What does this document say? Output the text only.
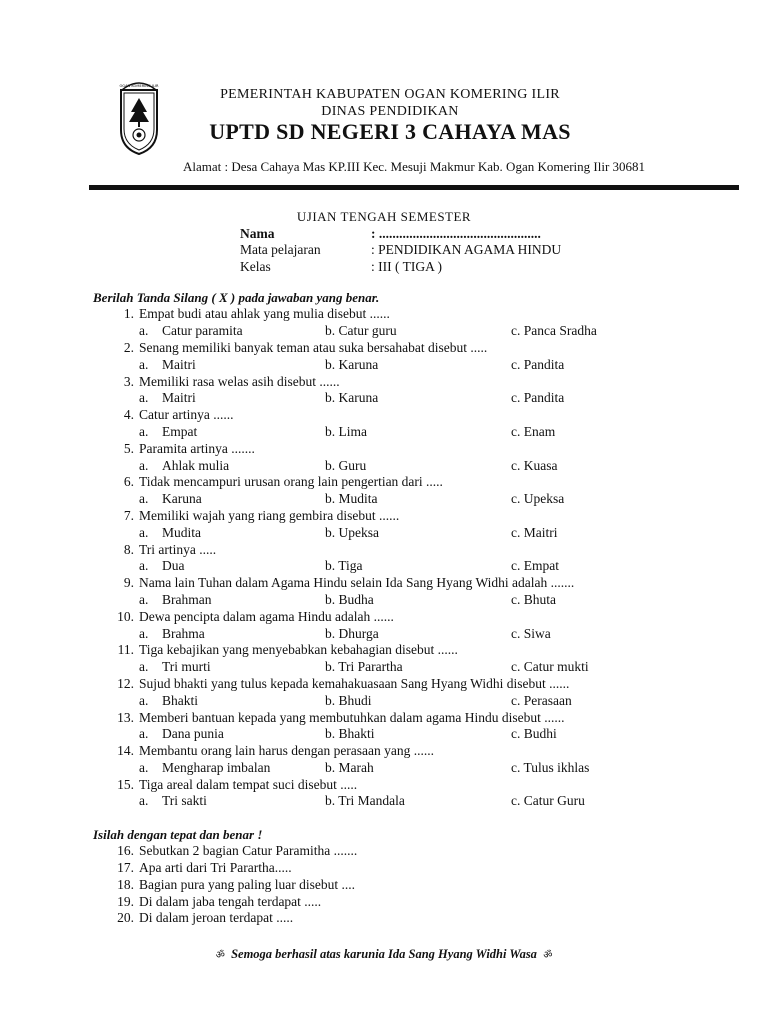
OGAN KOMERING ILIR
PEMERINTAH KABUPATEN OGAN KOMERING ILIR
DINAS PENDIDIKAN
UPTD SD NEGERI 3 CAHAYA MAS
Alamat : Desa Cahaya Mas KP.III Kec. Mesuji Makmur Kab. Ogan Komering Ilir 30681
UJIAN TENGAH SEMESTER
Nama	: ................................................
Mata pelajaran	: PENDIDIKAN AGAMA HINDU
Kelas	: III ( TIGA )
Berilah Tanda Silang ( X ) pada jawaban yang benar.
1. Empat budi atau ahlak yang mulia disebut ......
a. Catur paramita	b. Catur guru	c. Panca Sradha
2. Senang memiliki banyak teman atau suka bersahabat disebut .....
a. Maitri	b. Karuna	c. Pandita
3. Memiliki rasa welas asih disebut ......
a. Maitri	b. Karuna	c. Pandita
4. Catur artinya ......
a. Empat	b. Lima	c. Enam
5. Paramita artinya .......
a. Ahlak mulia	b. Guru	c. Kuasa
6. Tidak mencampuri urusan orang lain pengertian dari .....
a. Karuna	b. Mudita	c. Upeksa
7. Memiliki wajah yang riang gembira disebut ......
a. Mudita	b. Upeksa	c. Maitri
8. Tri artinya .....
a. Dua	b. Tiga	c. Empat
9. Nama lain Tuhan dalam Agama Hindu selain Ida Sang Hyang Widhi adalah .......
a. Brahman	b. Budha	c. Bhuta
10. Dewa pencipta dalam agama Hindu adalah ......
a. Brahma	b. Dhurga	c. Siwa
11. Tiga kebajikan yang menyebabkan kebahagian disebut ......
a. Tri murti	b. Tri Parartha	c. Catur mukti
12. Sujud bhakti yang tulus kepada kemahakuasaan Sang Hyang Widhi disebut ......
a. Bhakti	b. Bhudi	c. Perasaan
13. Memberi bantuan kepada yang membutuhkan dalam agama Hindu disebut ......
a. Dana punia	b. Bhakti	c. Budhi
14. Membantu orang lain harus dengan perasaan yang ......
a. Mengharap imbalan	b. Marah	c. Tulus ikhlas
15. Tiga areal dalam tempat suci disebut .....
a. Tri sakti	b. Tri Mandala	c. Catur Guru
Isilah dengan tepat dan benar !
16. Sebutkan 2 bagian Catur Paramitha .......
17. Apa arti dari Tri Parartha.....
18. Bagian pura yang paling luar disebut ....
19. Di dalam jaba tengah terdapat .....
20. Di dalam jeroan terdapat .....
ॐ Semoga berhasil atas karunia Ida Sang Hyang Widhi Wasa ॐ
